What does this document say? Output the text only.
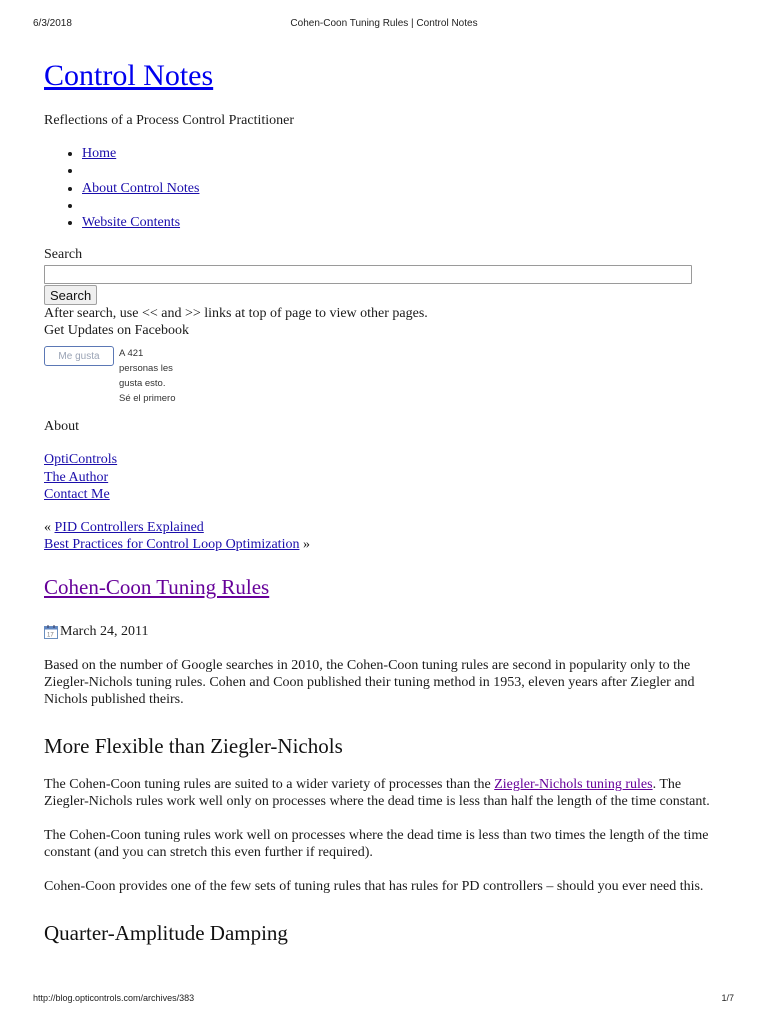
6/3/2018	Cohen-Coon Tuning Rules | Control Notes
Control Notes
Reflections of a Process Control Practitioner
• Home
•
• About Control Notes
•
• Website Contents
Search
Search
After search, use << and >> links at top of page to view other pages.
Get Updates on Facebook
Me gusta	A 421
personas les
gusta esto.
Sé el primero
About
OptiControls
The Author
Contact Me
« PID Controllers Explained
Best Practices for Control Loop Optimization »
Cohen-Coon Tuning Rules
17 March 24, 2011

Based on the number of Google searches in 2010, the Cohen-Coon tuning rules are second in popularity only to the Ziegler-Nichols tuning rules. Cohen and Coon published their tuning method in 1953, eleven years after Ziegler and Nichols published theirs.

More Flexible than Ziegler-Nichols

The Cohen-Coon tuning rules are suited to a wider variety of processes than the Ziegler-Nichols tuning rules. The Ziegler-Nichols rules work well only on processes where the dead time is less than half the length of the time constant.

The Cohen-Coon tuning rules work well on processes where the dead time is less than two times the length of the time constant (and you can stretch this even further if required).

Cohen-Coon provides one of the few sets of tuning rules that has rules for PD controllers – should you ever need this.

Quarter-Amplitude Damping
http://blog.opticontrols.com/archives/383	1/7
